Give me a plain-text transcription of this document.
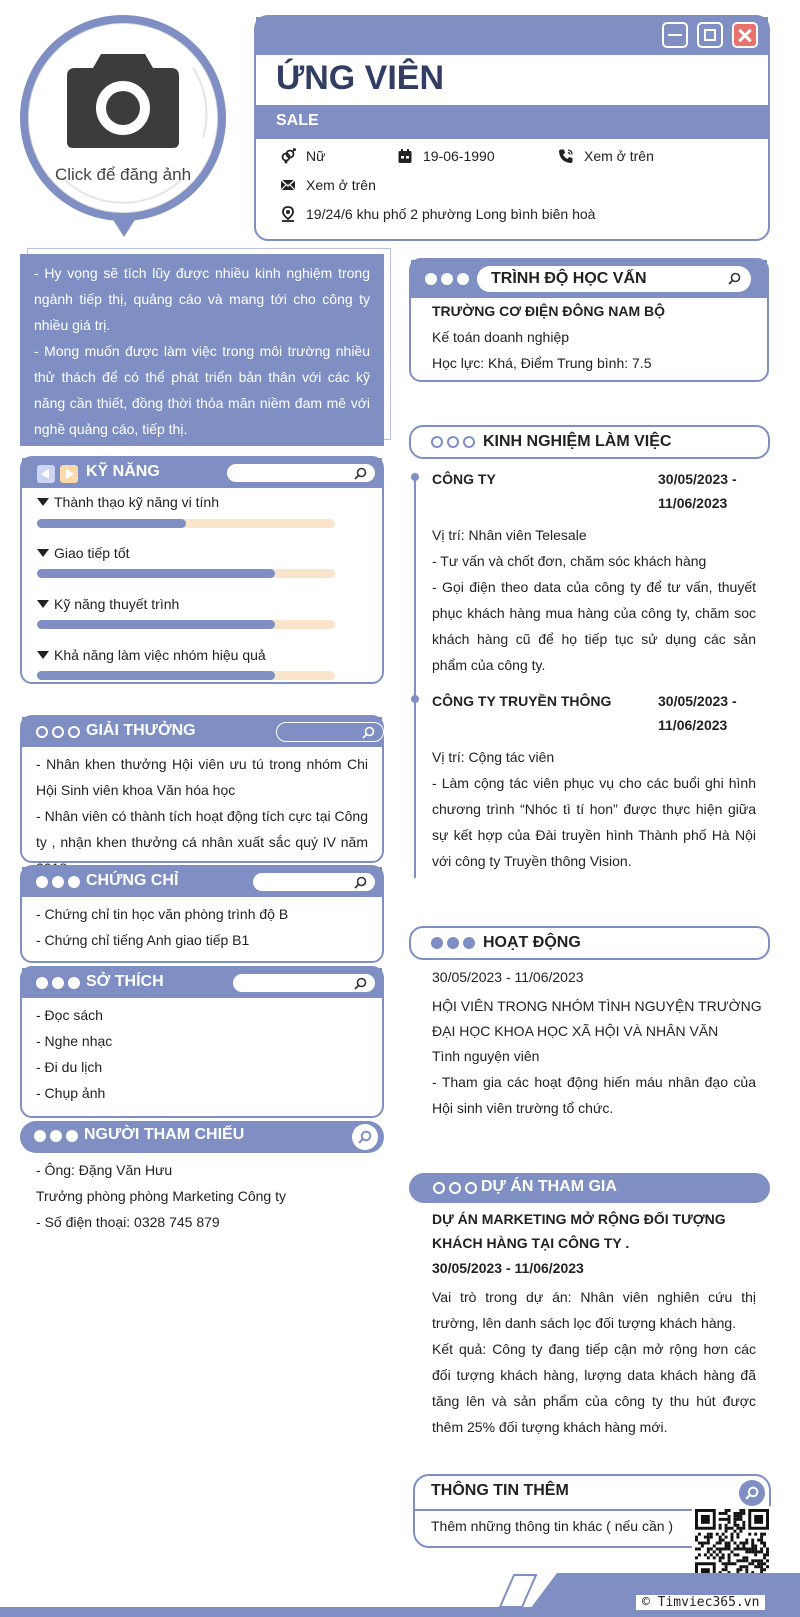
Click để đăng ảnh
ỨNG VIÊN
SALE
Nữ	19-06-1990	Xem ở trên
Xem ở trên
19/24/6 khu phố 2 phường Long bình biên hoà

- Hy vọng sẽ tích lũy được nhiều kinh nghiệm trong ngành tiếp thị, quảng cáo và mang tới cho công ty nhiều giá trị.

- Mong muốn được làm việc trong môi trường nhiều thử thách để có thể phát triển bản thân với các kỹ năng cần thiết, đồng thời thỏa mãn niềm đam mê với nghề quảng cáo, tiếp thị.

KỸ NĂNG
Thành thạo kỹ năng vi tính
Giao tiếp tốt
Kỹ năng thuyết trình
Khả năng làm việc nhóm hiệu quả
GIẢI THƯỞNG
- Nhân khen thưởng Hội viên ưu tú trong nhóm Chi Hội Sinh viên khoa Văn hóa học
- Nhân viên có thành tích hoạt động tích cực tại Công ty , nhận khen thưởng cá nhân xuất sắc quý IV năm
CHỨNG CHỈ
- Chứng chỉ tin học văn phòng trình độ B
- Chứng chỉ tiếng Anh giao tiếp B1
SỞ THÍCH
- Đọc sách
- Nghe nhạc
- Đi du lịch
- Chụp ảnh
NGƯỜI THAM CHIẾU
- Ông: Đặng Văn Hưu
Trưởng phòng phòng Marketing Công ty
- Số điện thoại: 0328 745 879
TRÌNH ĐỘ HỌC VẤN
TRƯỜNG CƠ ĐIỆN ĐÔNG NAM BỘ
Kế toán doanh nghiệp
Học lực: Khá, Điểm Trung bình: 7.5
KINH NGHIỆM LÀM VIỆC
CÔNG TY	30/05/2023 -
11/06/2023
Vị trí: Nhân viên Telesale
- Tư vấn và chốt đơn, chăm sóc khách hàng
- Gọi điện theo data của công ty để tư vấn, thuyết phục khách hàng mua hàng của công ty, chăm soc khách hàng cũ để họ tiếp tục sử dụng các sản phẩm của công ty.
CÔNG TY TRUYỀN THÔNG	30/05/2023 -
11/06/2023
Vị trí: Cộng tác viên
- Làm cộng tác viên phục vụ cho các buổi ghi hình chương trình “Nhóc tì tí hon” được thực hiện giữa sự kết hợp của Đài truyền hình Thành phố Hà Nội với công ty Truyền thông Vision.
HOẠT ĐỘNG
30/05/2023 - 11/06/2023
HỘI VIÊN TRONG NHÓM TÌNH NGUYỆN TRƯỜNG ĐẠI HỌC KHOA HỌC XÃ HỘI VÀ NHÂN VĂN
Tình nguyện viên
- Tham gia các hoạt động hiến máu nhân đạo của Hội sinh viên trường tổ chức.
DỰ ÁN THAM GIA
DỰ ÁN MARKETING MỞ RỘNG ĐỐI TƯỢNG KHÁCH HÀNG TẠI CÔNG TY .
30/05/2023 - 11/06/2023
Vai trò trong dự án: Nhân viên nghiên cứu thị trường, lên danh sách lọc đối tượng khách hàng.
Kết quả: Công ty đang tiếp cận mở rộng hơn các đối tượng khách hàng, lượng data khách hàng đã tăng lên và sản phẩm của công ty thu hút được thêm 25% đối tượng khách hàng mới.
THÔNG TIN THÊM
Thêm những thông tin khác ( nếu cần )
© Timviec365.vn
